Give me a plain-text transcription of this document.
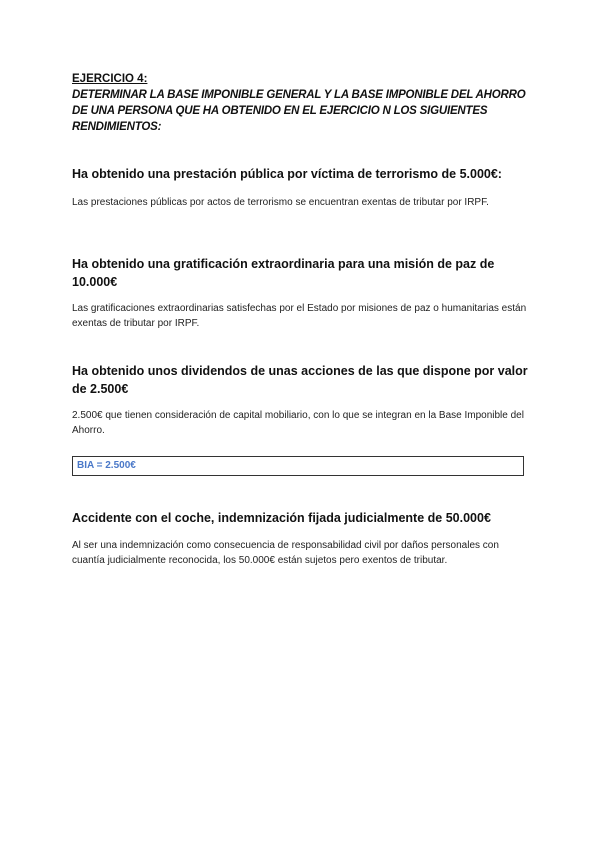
EJERCICIO 4:

DETERMINAR LA BASE IMPONIBLE GENERAL Y LA BASE IMPONIBLE DEL AHORRO DE UNA PERSONA QUE HA OBTENIDO EN EL EJERCICIO N LOS SIGUIENTES RENDIMIENTOS:

Ha obtenido una prestación pública por víctima de terrorismo de 5.000€:

Las prestaciones públicas por actos de terrorismo se encuentran exentas de tributar por IRPF.

Ha obtenido una gratificación extraordinaria para una misión de paz de 10.000€

Las gratificaciones extraordinarias satisfechas por el Estado por misiones de paz o humanitarias están exentas de tributar por IRPF.

Ha obtenido unos dividendos de unas acciones de las que dispone por valor de 2.500€

2.500€ que tienen consideración de capital mobiliario, con lo que se integran en la Base Imponible del Ahorro.

BIA = 2.500€

Accidente con el coche, indemnización fijada judicialmente de 50.000€

Al ser una indemnización como consecuencia de responsabilidad civil por daños personales con cuantía judicialmente reconocida, los 50.000€ están sujetos pero exentos de tributar.
